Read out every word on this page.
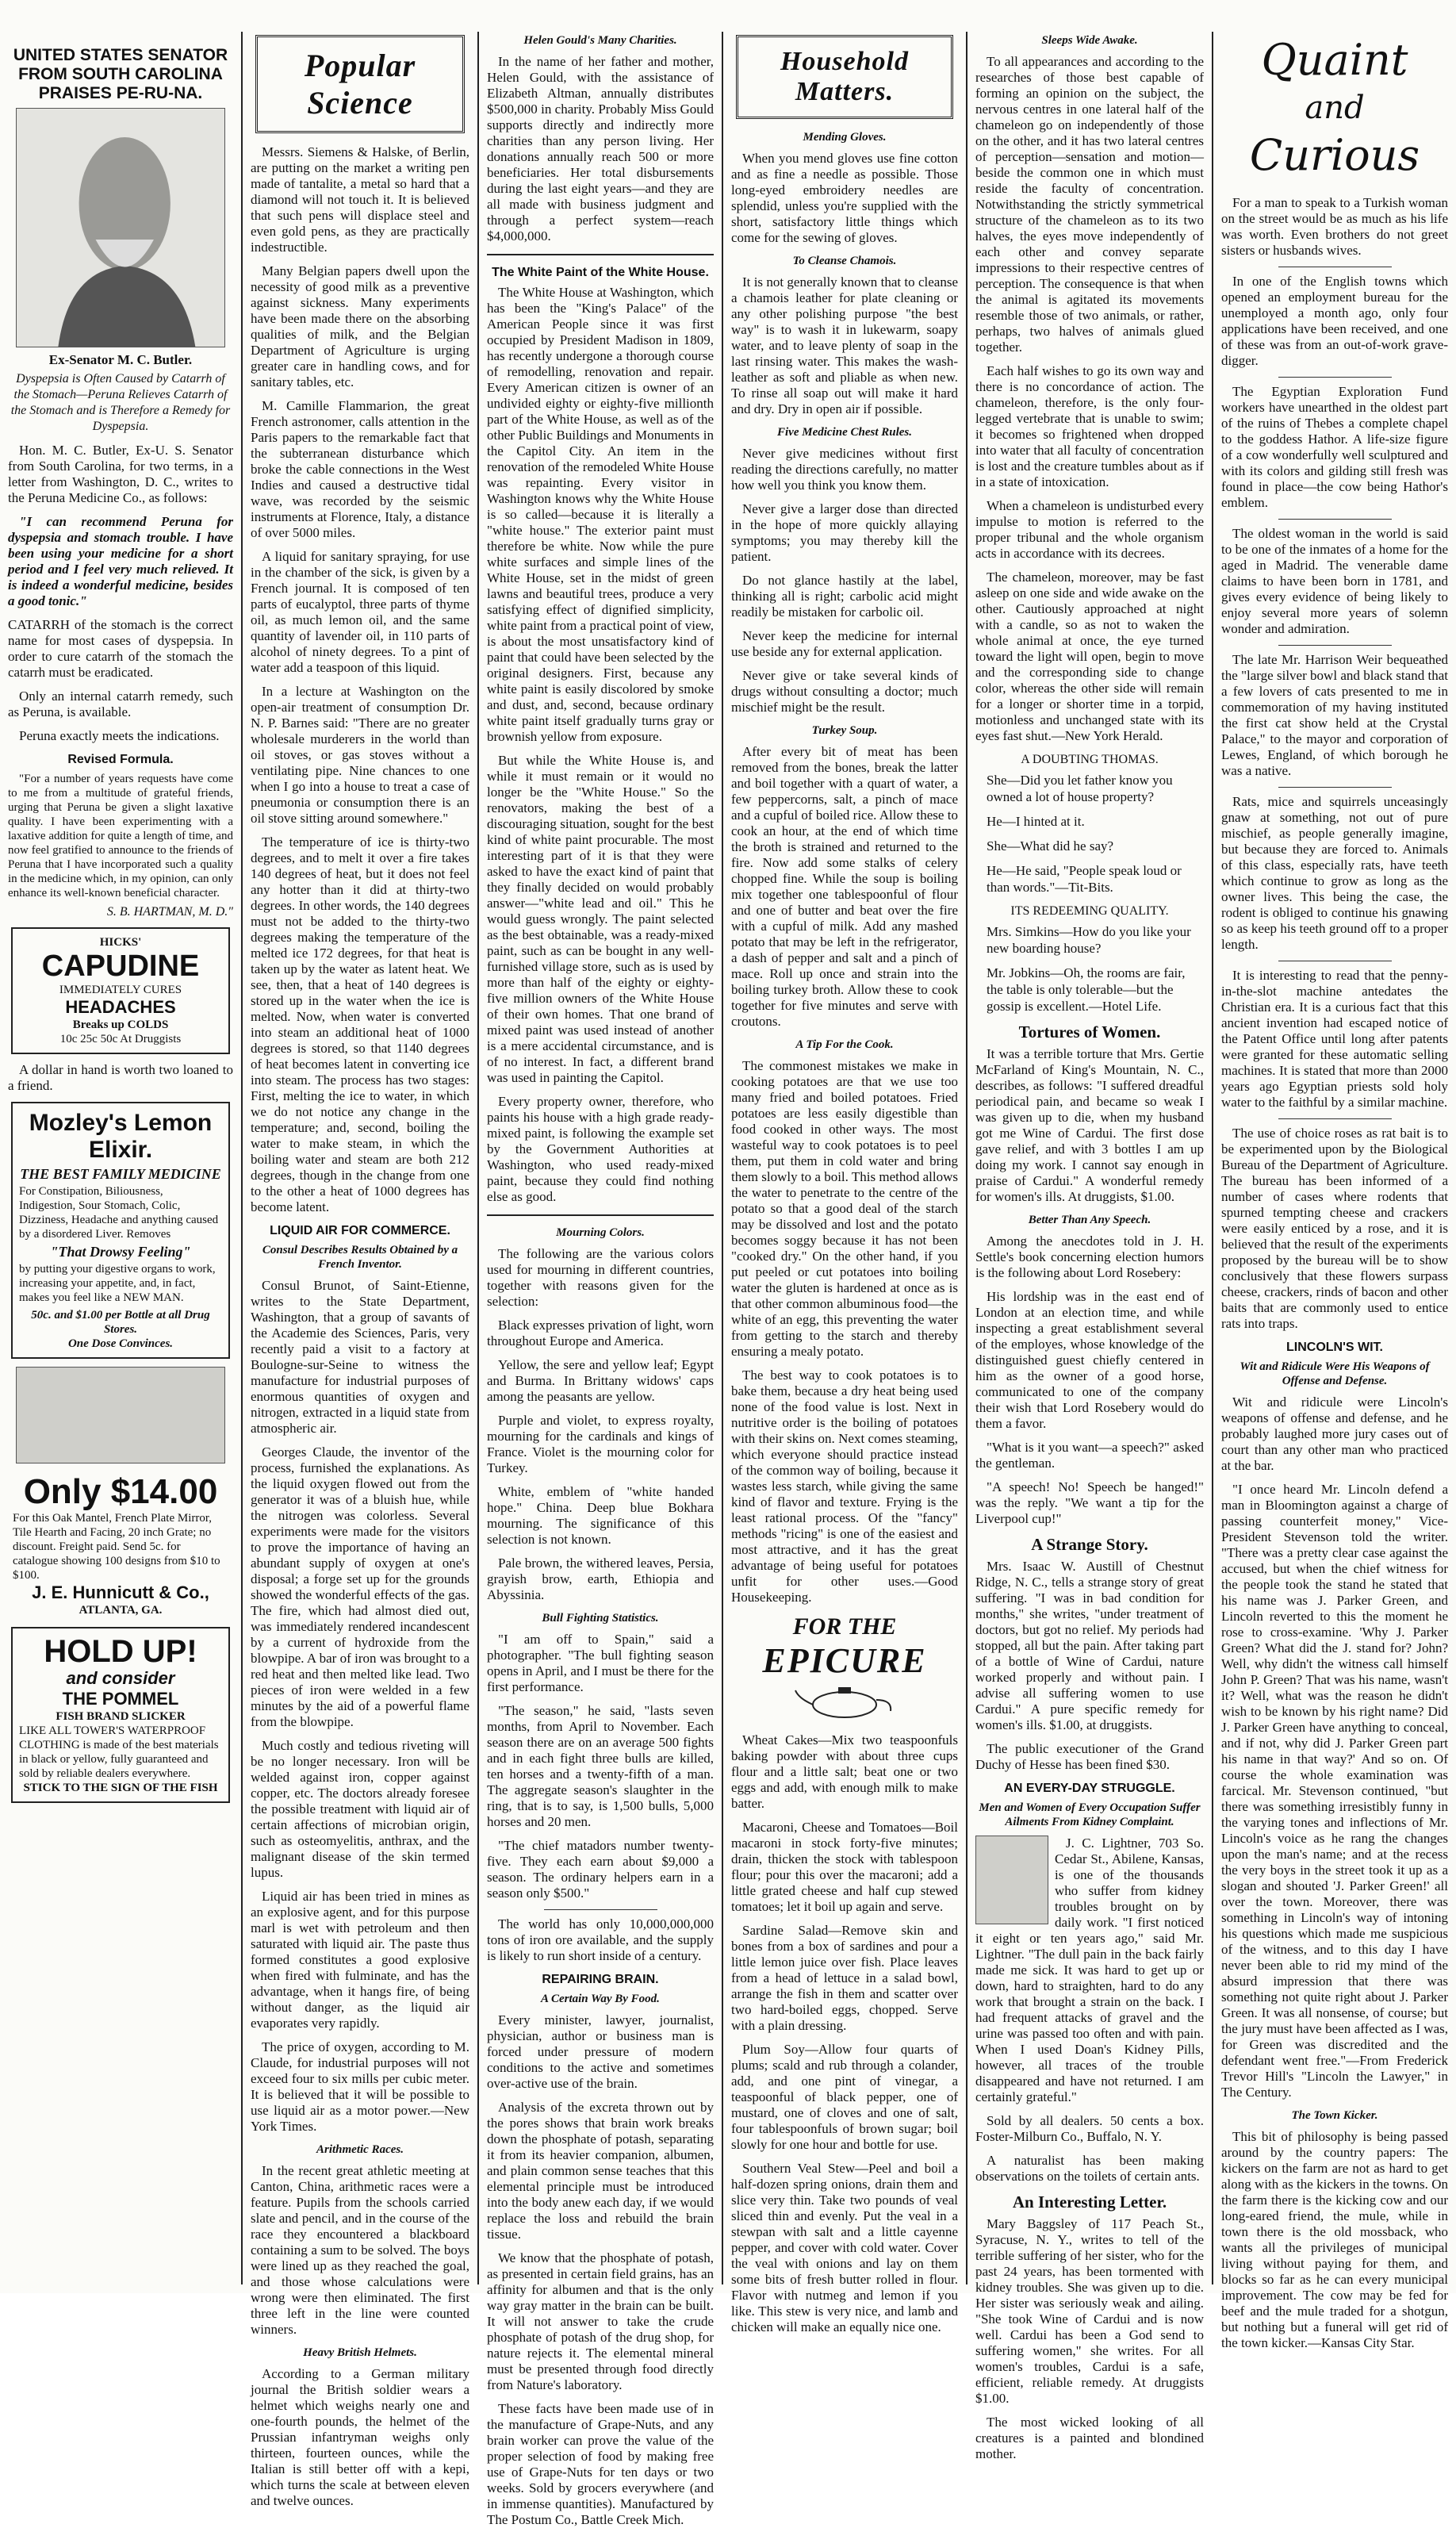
UNITED STATES SENATOR FROM SOUTH CAROLINA PRAISES PE-RU-NA.
Ex-Senator M. C. Butler.

Dyspepsia is Often Caused by Catarrh of the Stomach—Peruna Relieves Catarrh of the Stomach and is Therefore a Remedy for Dyspepsia.

Hon. M. C. Butler, Ex-U. S. Senator from South Carolina, for two terms, in a letter from Washington, D. C., writes to the Peruna Medicine Co., as follows:

"I can recommend Peruna for dyspepsia and stomach trouble. I have been using your medicine for a short period and I feel very much relieved. It is indeed a wonderful medicine, besides a good tonic."

CATARRH of the stomach is the correct name for most cases of dyspepsia. In order to cure catarrh of the stomach the catarrh must be eradicated.

Only an internal catarrh remedy, such as Peruna, is available.

Peruna exactly meets the indications.

Revised Formula.

"For a number of years requests have come to me from a multitude of grateful friends, urging that Peruna be given a slight laxative quality. I have been experimenting with a laxative addition for quite a length of time, and now feel gratified to announce to the friends of Peruna that I have incorporated such a quality in the medicine which, in my opinion, can only enhance its well-known beneficial character.

S. B. HARTMAN, M. D."
HICKS'
CAPUDINE
IMMEDIATELY CURES
HEADACHES
Breaks up COLDS
10c 25c 50c At Druggists

A dollar in hand is worth two loaned to a friend.

Mozley's Lemon Elixir.
THE BEST FAMILY MEDICINE
For Constipation, Biliousness, Indigestion, Sour Stomach, Colic, Dizziness, Headache and anything caused by a disordered Liver. Removes
"That Drowsy Feeling"
by putting your digestive organs to work, increasing your appetite, and, in fact, makes you feel like a NEW MAN.
50c. and $1.00 per Bottle at all Drug Stores.
One Dose Convinces.
Only $14.00
For this Oak Mantel, French Plate Mirror, Tile Hearth and Facing, 20 inch Grate; no discount. Freight paid. Send 5c. for catalogue showing 100 designs from $10 to $100.
J. E. Hunnicutt & Co.,
ATLANTA, GA.
HOLD UP!
and consider
THE POMMEL
FISH BRAND SLICKER
LIKE ALL TOWER'S WATERPROOF CLOTHING is made of the best materials in black or yellow, fully guaranteed and sold by reliable dealers everywhere.
STICK TO THE SIGN OF THE FISH
Popular Science

Messrs. Siemens & Halske, of Berlin, are putting on the market a writing pen made of tantalite, a metal so hard that a diamond will not touch it. It is believed that such pens will displace steel and even gold pens, as they are practically indestructible.

Many Belgian papers dwell upon the necessity of good milk as a preventive against sickness. Many experiments have been made there on the absorbing qualities of milk, and the Belgian Department of Agriculture is urging greater care in handling cows, and for sanitary tables, etc.

M. Camille Flammarion, the great French astronomer, calls attention in the Paris papers to the remarkable fact that the subterranean disturbance which broke the cable connections in the West Indies and caused a destructive tidal wave, was recorded by the seismic instruments at Florence, Italy, a distance of over 5000 miles.

A liquid for sanitary spraying, for use in the chamber of the sick, is given by a French journal. It is composed of ten parts of eucalyptol, three parts of thyme oil, as much lemon oil, and the same quantity of lavender oil, in 110 parts of alcohol of ninety degrees. To a pint of water add a teaspoon of this liquid.

In a lecture at Washington on the open-air treatment of consumption Dr. N. P. Barnes said: "There are no greater wholesale murderers in the world than oil stoves, or gas stoves without a ventilating pipe. Nine chances to one when I go into a house to treat a case of pneumonia or consumption there is an oil stove sitting around somewhere."

The temperature of ice is thirty-two degrees, and to melt it over a fire takes 140 degrees of heat, but it does not feel any hotter than it did at thirty-two degrees. In other words, the 140 degrees must not be added to the thirty-two degrees making the temperature of the melted ice 172 degrees, for that heat is taken up by the water as latent heat. We see, then, that a heat of 140 degrees is stored up in the water when the ice is melted. Now, when water is converted into steam an additional heat of 1000 degrees is stored, so that 1140 degrees of heat becomes latent in converting ice into steam. The process has two stages: First, melting the ice to water, in which we do not notice any change in the temperature; and, second, boiling the water to make steam, in which the boiling water and steam are both 212 degrees, though in the change from one to the other a heat of 1000 degrees has become latent.

LIQUID AIR FOR COMMERCE.
Consul Describes Results Obtained by a French Inventor.

Consul Brunot, of Saint-Etienne, writes to the State Department, Washington, that a group of savants of the Academie des Sciences, Paris, very recently paid a visit to a factory at Boulogne-sur-Seine to witness the manufacture for industrial purposes of enormous quantities of oxygen and nitrogen, extracted in a liquid state from atmospheric air.

Georges Claude, the inventor of the process, furnished the explanations. As the liquid oxygen flowed out from the generator it was of a bluish hue, while the nitrogen was colorless. Several experiments were made for the visitors to prove the importance of having an abundant supply of oxygen at one's disposal; a forge set up for the grounds showed the wonderful effects of the gas. The fire, which had almost died out, was immediately rendered incandescent by a current of hydroxide from the blowpipe. A bar of iron was brought to a red heat and then melted like lead. Two pieces of iron were welded in a few minutes by the aid of a powerful flame from the blowpipe.

Much costly and tedious riveting will be no longer necessary. Iron will be welded against iron, copper against copper, etc. The doctors already foresee the possible treatment with liquid air of certain affections of microbian origin, such as osteomyelitis, anthrax, and the malignant disease of the skin termed lupus.

Liquid air has been tried in mines as an explosive agent, and for this purpose marl is wet with petroleum and then saturated with liquid air. The paste thus formed constitutes a good explosive when fired with fulminate, and has the advantage, when it hangs fire, of being without danger, as the liquid air evaporates very rapidly.

The price of oxygen, according to M. Claude, for industrial purposes will not exceed four to six mills per cubic meter. It is believed that it will be possible to use liquid air as a motor power.—New York Times.

Arithmetic Races.

In the recent great athletic meeting at Canton, China, arithmetic races were a feature. Pupils from the schools carried slate and pencil, and in the course of the race they encountered a blackboard containing a sum to be solved. The boys were lined up as they reached the goal, and those whose calculations were wrong were then eliminated. The first three left in the line were counted winners.

Heavy British Helmets.

According to a German military journal the British soldier wears a helmet which weighs nearly one and one-fourth pounds, the helmet of the Prussian infantryman weighs only thirteen, fourteen ounces, while the Italian is still better off with a kepi, which turns the scale at between eleven and twelve ounces.

Helen Gould's Many Charities.

In the name of her father and mother, Helen Gould, with the assistance of Elizabeth Altman, annually distributes $500,000 in charity. Probably Miss Gould supports directly and indirectly more charities than any person living. Her donations annually reach 500 or more beneficiaries. Her total disbursements during the last eight years—and they are all made with business judgment and through a perfect system—reach $4,000,000.

The White Paint of the White House.

The White House at Washington, which has been the "King's Palace" of the American People since it was first occupied by President Madison in 1809, has recently undergone a thorough course of remodelling, renovation and repair. Every American citizen is owner of an undivided eighty or eighty-five millionth part of the White House, as well as of the other Public Buildings and Monuments in the Capitol City. An item in the renovation of the remodeled White House was repainting. Every visitor in Washington knows why the White House is so called—because it is literally a "white house." The exterior paint must therefore be white. Now while the pure white surfaces and simple lines of the White House, set in the midst of green lawns and beautiful trees, produce a very satisfying effect of dignified simplicity, white paint from a practical point of view, is about the most unsatisfactory kind of paint that could have been selected by the original designers. First, because any white paint is easily discolored by smoke and dust, and, second, because ordinary white paint itself gradually turns gray or brownish yellow from exposure.

But while the White House is, and while it must remain or it would no longer be the "White House." So the renovators, making the best of a discouraging situation, sought for the best kind of white paint procurable. The most interesting part of it is that they were asked to have the exact kind of paint that they finally decided on would probably answer—"white lead and oil." This he would guess wrongly. The paint selected as the best obtainable, was a ready-mixed paint, such as can be bought in any well-furnished village store, such as is used by more than half of the eighty or eighty-five million owners of the White House of their own homes. That one brand of mixed paint was used instead of another is a mere accidental circumstance, and is of no interest. In fact, a different brand was used in painting the Capitol.

Every property owner, therefore, who paints his house with a high grade ready-mixed paint, is following the example set by the Government Authorities at Washington, who used ready-mixed paint, because they could find nothing else as good.

Mourning Colors.

The following are the various colors used for mourning in different countries, together with reasons given for the selection:

Black expresses privation of light, worn throughout Europe and America.

Yellow, the sere and yellow leaf; Egypt and Burma. In Brittany widows' caps among the peasants are yellow.

Purple and violet, to express royalty, mourning for the cardinals and kings of France. Violet is the mourning color for Turkey.

White, emblem of "white handed hope." China. Deep blue Bokhara mourning. The significance of this selection is not known.

Pale brown, the withered leaves, Persia, grayish brow, earth, Ethiopia and Abyssinia.

Bull Fighting Statistics.

"I am off to Spain," said a photographer. "The bull fighting season opens in April, and I must be there for the first performance.

"The season," he said, "lasts seven months, from April to November. Each season there are on an average 500 fights and in each fight three bulls are killed, ten horses and a twenty-fifth of a man. The aggregate season's slaughter in the ring, that is to say, is 1,500 bulls, 5,000 horses and 20 men.

"The chief matadors number twenty-five. They each earn about $9,000 a season. The ordinary helpers earn in a season only $500."

The world has only 10,000,000,000 tons of iron ore available, and the supply is likely to run short inside of a century.

REPAIRING BRAIN.
A Certain Way By Food.

Every minister, lawyer, journalist, physician, author or business man is forced under pressure of modern conditions to the active and sometimes over-active use of the brain.

Analysis of the excreta thrown out by the pores shows that brain work breaks down the phosphate of potash, separating it from its heavier companion, albumen, and plain common sense teaches that this elemental principle must be introduced into the body anew each day, if we would replace the loss and rebuild the brain tissue.

We know that the phosphate of potash, as presented in certain field grains, has an affinity for albumen and that is the only way gray matter in the brain can be built. It will not answer to take the crude phosphate of potash of the drug shop, for nature rejects it. The elemental mineral must be presented through food directly from Nature's laboratory.

These facts have been made use of in the manufacture of Grape-Nuts, and any brain worker can prove the value of the proper selection of food by making free use of Grape-Nuts for ten days or two weeks. Sold by grocers everywhere (and in immense quantities). Manufactured by The Postum Co., Battle Creek Mich.

Household Matters.
Mending Gloves.

When you mend gloves use fine cotton and as fine a needle as possible. Those long-eyed embroidery needles are splendid, unless you're supplied with the short, satisfactory little things which come for the sewing of gloves.

To Cleanse Chamois.

It is not generally known that to cleanse a chamois leather for plate cleaning or any other polishing purpose "the best way" is to wash it in lukewarm, soapy water, and to leave plenty of soap in the last rinsing water. This makes the wash-leather as soft and pliable as when new. To rinse all soap out will make it hard and dry. Dry in open air if possible.

Five Medicine Chest Rules.

Never give medicines without first reading the directions carefully, no matter how well you think you know them.

Never give a larger dose than directed in the hope of more quickly allaying symptoms; you may thereby kill the patient.

Do not glance hastily at the label, thinking all is right; carbolic acid might readily be mistaken for carbolic oil.

Never keep the medicine for internal use beside any for external application.

Never give or take several kinds of drugs without consulting a doctor; much mischief might be the result.

Turkey Soup.

After every bit of meat has been removed from the bones, break the latter and boil together with a quart of water, a few peppercorns, salt, a pinch of mace and a cupful of boiled rice. Allow these to cook an hour, at the end of which time the broth is strained and returned to the fire. Now add some stalks of celery chopped fine. While the soup is boiling mix together one tablespoonful of flour and one of butter and beat over the fire with a cupful of milk. Add any mashed potato that may be left in the refrigerator, a dash of pepper and salt and a pinch of mace. Roll up once and strain into the boiling turkey broth. Allow these to cook together for five minutes and serve with croutons.

A Tip For the Cook.

The commonest mistakes we make in cooking potatoes are that we use too many fried and boiled potatoes. Fried potatoes are less easily digestible than food cooked in other ways. The most wasteful way to cook potatoes is to peel them, put them in cold water and bring them slowly to a boil. This method allows the water to penetrate to the centre of the potato so that a good deal of the starch may be dissolved and lost and the potato becomes soggy because it has not been "cooked dry." On the other hand, if you put peeled or cut potatoes into boiling water the gluten is hardened at once as is that other common albuminous food—the white of an egg, this preventing the water from getting to the starch and thereby ensuring a mealy potato.

The best way to cook potatoes is to bake them, because a dry heat being used none of the food value is lost. Next in nutritive order is the boiling of potatoes with their skins on. Next comes steaming, which everyone should practice instead of the common way of boiling, because it wastes less starch, while giving the same kind of flavor and texture. Frying is the least rational process. Of the "fancy" methods "ricing" is one of the easiest and most attractive, and it has the great advantage of being useful for potatoes unfit for other uses.—Good Housekeeping.

FOR THE
EPICURE

Wheat Cakes—Mix two teaspoonfuls baking powder with about three cups flour and a little salt; beat one or two eggs and add, with enough milk to make batter.

Macaroni, Cheese and Tomatoes—Boil macaroni in stock forty-five minutes; drain, thicken the stock with tablespoon flour; pour this over the macaroni; add a little grated cheese and half cup stewed tomatoes; let it boil up again and serve.

Sardine Salad—Remove skin and bones from a box of sardines and pour a little lemon juice over fish. Place leaves from a head of lettuce in a salad bowl, arrange the fish in them and scatter over two hard-boiled eggs, chopped. Serve with a plain dressing.

Plum Soy—Allow four quarts of plums; scald and rub through a colander, add, and one pint of vinegar, a teaspoonful of black pepper, one of mustard, one of cloves and one of salt, four tablespoonfuls of brown sugar; boil slowly for one hour and bottle for use.

Southern Veal Stew—Peel and boil a half-dozen spring onions, drain them and slice very thin. Take two pounds of veal sliced thin and evenly. Put the veal in a stewpan with salt and a little cayenne pepper, and cover with cold water. Cover the veal with onions and lay on them some bits of fresh butter rolled in flour. Flavor with nutmeg and lemon if you like. This stew is very nice, and lamb and chicken will make an equally nice one.

Sleeps Wide Awake.

To all appearances and according to the researches of those best capable of forming an opinion on the subject, the nervous centres in one lateral half of the chameleon go on independently of those on the other, and it has two lateral centres of perception—sensation and motion—beside the common one in which must reside the faculty of concentration. Notwithstanding the strictly symmetrical structure of the chameleon as to its two halves, the eyes move independently of each other and convey separate impressions to their respective centres of perception. The consequence is that when the animal is agitated its movements resemble those of two animals, or rather, perhaps, two halves of animals glued together.

Each half wishes to go its own way and there is no concordance of action. The chameleon, therefore, is the only four-legged vertebrate that is unable to swim; it becomes so frightened when dropped into water that all faculty of concentration is lost and the creature tumbles about as if in a state of intoxication.

When a chameleon is undisturbed every impulse to motion is referred to the proper tribunal and the whole organism acts in accordance with its decrees.

The chameleon, moreover, may be fast asleep on one side and wide awake on the other. Cautiously approached at night with a candle, so as not to waken the whole animal at once, the eye turned toward the light will open, begin to move and the corresponding side to change color, whereas the other side will remain for a longer or shorter time in a torpid, motionless and unchanged state with its eyes fast shut.—New York Herald.

A DOUBTING THOMAS.
She—Did you let father know you owned a lot of house property?
He—I hinted at it.
She—What did he say?
He—He said, "People speak loud or than words."—Tit-Bits.
ITS REDEEMING QUALITY.
Mrs. Simkins—How do you like your new boarding house?
Mr. Jobkins—Oh, the rooms are fair, the table is only tolerable—but the gossip is excellent.—Hotel Life.
Tortures of Women.

It was a terrible torture that Mrs. Gertie McFarland of King's Mountain, N. C., describes, as follows: "I suffered dreadful periodical pain, and became so weak I was given up to die, when my husband got me Wine of Cardui. The first dose gave relief, and with 3 bottles I am up doing my work. I cannot say enough in praise of Cardui." A wonderful remedy for women's ills. At druggists, $1.00.

Better Than Any Speech.

Among the anecdotes told in J. H. Settle's book concerning election humors is the following about Lord Rosebery:

His lordship was in the east end of London at an election time, and while inspecting a great establishment several of the employes, whose knowledge of the distinguished guest chiefly centered in him as the owner of a good horse, communicated to one of the company their wish that Lord Rosebery would do them a favor.

"What is it you want—a speech?" asked the gentleman.

"A speech! No! Speech be hanged!" was the reply. "We want a tip for the Liverpool cup!"

A Strange Story.

Mrs. Isaac W. Austill of Chestnut Ridge, N. C., tells a strange story of great suffering. "I was in bad condition for months," she writes, "under treatment of doctors, but got no relief. My periods had stopped, all but the pain. After taking part of a bottle of Wine of Cardui, nature worked properly and without pain. I advise all suffering women to use Cardui." A pure specific remedy for women's ills. $1.00, at druggists.

The public executioner of the Grand Duchy of Hesse has been fined $30.

AN EVERY-DAY STRUGGLE.
Men and Women of Every Occupation Suffer Ailments From Kidney Complaint.

J. C. Lightner, 703 So. Cedar St., Abilene, Kansas, is one of the thousands who suffer from kidney troubles brought on by daily work. "I first noticed it eight or ten years ago," said Mr. Lightner. "The dull pain in the back fairly made me sick. It was hard to get up or down, hard to straighten, hard to do any work that brought a strain on the back. I had frequent attacks of gravel and the urine was passed too often and with pain. When I used Doan's Kidney Pills, however, all traces of the trouble disappeared and have not returned. I am certainly grateful."

Sold by all dealers. 50 cents a box. Foster-Milburn Co., Buffalo, N. Y.

A naturalist has been making observations on the toilets of certain ants.

An Interesting Letter.

Mary Baggsley of 117 Peach St., Syracuse, N. Y., writes to tell of the terrible suffering of her sister, who for the past 24 years, has been tormented with kidney troubles. She was given up to die. Her sister was seriously weak and ailing. "She took Wine of Cardui and is now well. Cardui has been a God send to suffering women," she writes. For all women's troubles, Cardui is a safe, efficient, reliable remedy. At druggists $1.00.

The most wicked looking of all creatures is a painted and blondined mother.

Quaint
and
Curious

For a man to speak to a Turkish woman on the street would be as much as his life was worth. Even brothers do not greet sisters or husbands wives.

In one of the English towns which opened an employment bureau for the unemployed a month ago, only four applications have been received, and one of these was from an out-of-work grave-digger.

The Egyptian Exploration Fund workers have unearthed in the oldest part of the ruins of Thebes a complete chapel to the goddess Hathor. A life-size figure of a cow wonderfully well sculptured and with its colors and gilding still fresh was found in place—the cow being Hathor's emblem.

The oldest woman in the world is said to be one of the inmates of a home for the aged in Madrid. The venerable dame claims to have been born in 1781, and gives every evidence of being likely to enjoy several more years of solemn wonder and admiration.

The late Mr. Harrison Weir bequeathed the "large silver bowl and black stand that a few lovers of cats presented to me in commemoration of my having instituted the first cat show held at the Crystal Palace," to the mayor and corporation of Lewes, England, of which borough he was a native.

Rats, mice and squirrels unceasingly gnaw at something, not out of pure mischief, as people generally imagine, but because they are forced to. Animals of this class, especially rats, have teeth which continue to grow as long as the owner lives. This being the case, the rodent is obliged to continue his gnawing so as keep his teeth ground off to a proper length.

It is interesting to read that the penny-in-the-slot machine antedates the Christian era. It is a curious fact that this ancient invention had escaped notice of the Patent Office until long after patents were granted for these automatic selling machines. It is stated that more than 2000 years ago Egyptian priests sold holy water to the faithful by a similar machine.

The use of choice roses as rat bait is to be experimented upon by the Biological Bureau of the Department of Agriculture. The bureau has been informed of a number of cases where rodents that spurned tempting cheese and crackers were easily enticed by a rose, and it is believed that the result of the experiments proposed by the bureau will be to show conclusively that these flowers surpass cheese, crackers, rinds of bacon and other baits that are commonly used to entice rats into traps.

LINCOLN'S WIT.
Wit and Ridicule Were His Weapons of Offense and Defense.

Wit and ridicule were Lincoln's weapons of offense and defense, and he probably laughed more jury cases out of court than any other man who practiced at the bar.

"I once heard Mr. Lincoln defend a man in Bloomington against a charge of passing counterfeit money," Vice-President Stevenson told the writer. "There was a pretty clear case against the accused, but when the chief witness for the people took the stand he stated that his name was J. Parker Green, and Lincoln reverted to this the moment he rose to cross-examine. 'Why J. Parker Green? What did the J. stand for? John? Well, why didn't the witness call himself John P. Green? That was his name, wasn't it? Well, what was the reason he didn't wish to be known by his right name? Did J. Parker Green have anything to conceal, and if not, why did J. Parker Green part his name in that way?' And so on. Of course the whole examination was farcical. Mr. Stevenson continued, "but there was something irresistibly funny in the varying tones and inflections of Mr. Lincoln's voice as he rang the changes upon the man's name; and at the recess the very boys in the street took it up as a slogan and shouted 'J. Parker Green!' all over the town. Moreover, there was something in Lincoln's way of intoning his questions which made me suspicious of the witness, and to this day I have never been able to rid my mind of the absurd impression that there was something not quite right about J. Parker Green. It was all nonsense, of course; but the jury must have been affected as I was, for Green was discredited and the defendant went free."—From Frederick Trevor Hill's "Lincoln the Lawyer," in The Century.

The Town Kicker.

This bit of philosophy is being passed around by the country papers: The kickers on the farm are not as hard to get along with as the kickers in the towns. On the farm there is the kicking cow and our long-eared friend, the mule, while in town there is the old mossback, who wants all the privileges of municipal living without paying for them, and blocks so far as he can every municipal improvement. The cow may be fed for beef and the mule traded for a shotgun, but nothing but a funeral will get rid of the town kicker.—Kansas City Star.
